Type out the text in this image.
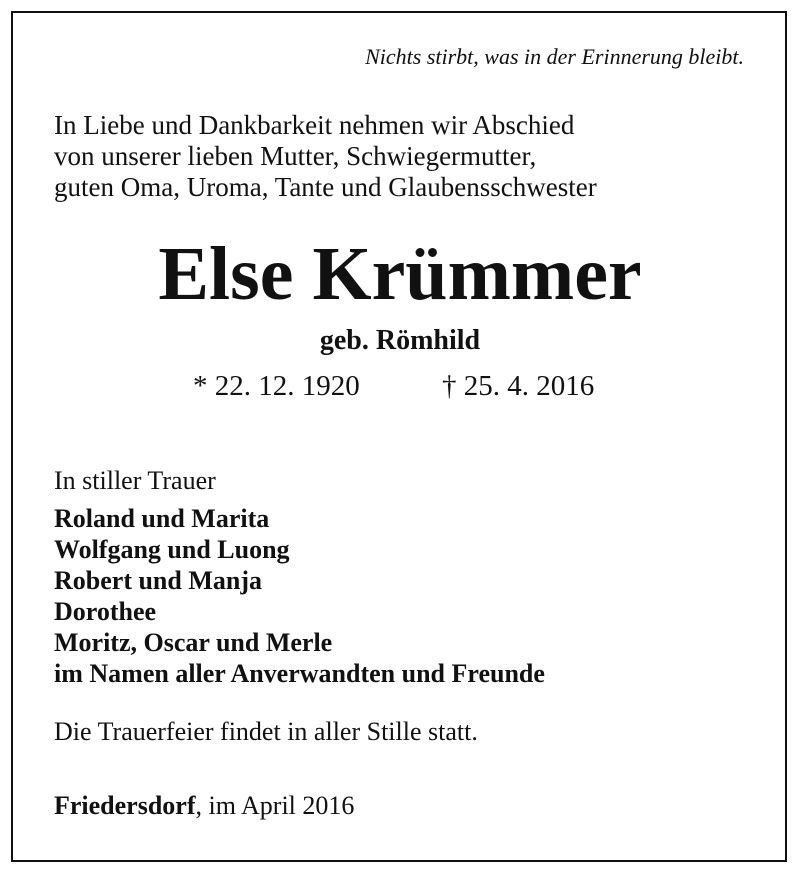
Nichts stirbt, was in der Erinnerung bleibt.

In Liebe und Dankbarkeit nehmen wir Abschied

von unserer lieben Mutter, Schwiegermutter,

guten Oma, Uroma, Tante und Glaubensschwester

Else Krümmer

geb. Römhild

* 22. 12. 1920	† 25. 4. 2016

In stiller Trauer

Roland und Marita

Wolfgang und Luong

Robert und Manja

Dorothee

Moritz, Oscar und Merle

im Namen aller Anverwandten und Freunde

Die Trauerfeier findet in aller Stille statt.

Friedersdorf, im April 2016
